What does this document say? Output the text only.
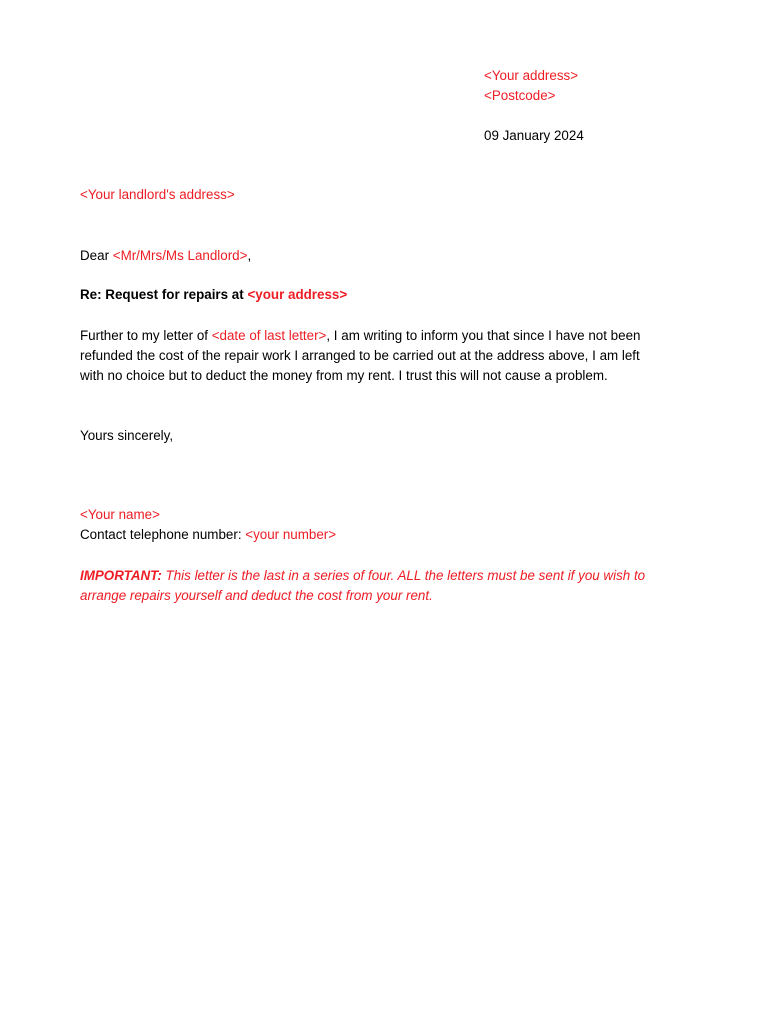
<Your address>
<Postcode>
09 January 2024
<Your landlord's address>
Dear <Mr/Mrs/Ms Landlord>,
Re: Request for repairs at <your address>
Further to my letter of <date of last letter>, I am writing to inform you that since I have not been refunded the cost of the repair work I arranged to be carried out at the address above, I am left with no choice but to deduct the money from my rent. I trust this will not cause a problem.
Yours sincerely,
<Your name>
Contact telephone number: <your number>
IMPORTANT: This letter is the last in a series of four. ALL the letters must be sent if you wish to arrange repairs yourself and deduct the cost from your rent.
